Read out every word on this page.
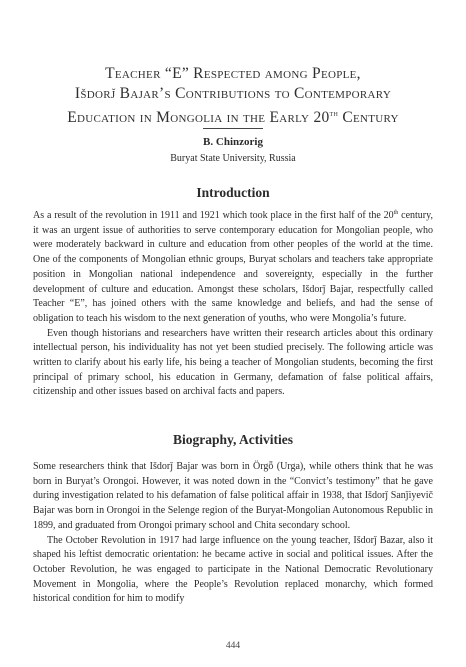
Teacher “E” Respected among People,
Išdorǰ Bajar’s Contributions to Contemporary
Education in Mongolia in the Early 20th Century
B. Chinzorig
Buryat State University, Russia
Introduction

As a result of the revolution in 1911 and 1921 which took place in the first half of the 20th century, it was an urgent issue of authorities to serve contemporary education for Mongolian people, who were moderately backward in culture and education from other peoples of the world at the time. One of the components of Mongolian ethnic groups, Buryat scholars and teachers take appropriate position in Mongolian national independence and sovereignty, especially in the further development of culture and education. Amongst these scholars, Išdorǰ Bajar, respectfully called Teacher “E”, has joined others with the same knowledge and beliefs, and had the sense of obligation to teach his wisdom to the next generation of youths, who were Mongolia’s future.

Even though historians and researchers have written their research articles about this ordinary intellectual person, his individuality has not yet been studied precisely. The following article was written to clarify about his early life, his being a teacher of Mongolian students, becoming the first principal of primary school, his education in Germany, defamation of false political affairs, citizenship and other issues based on archival facts and papers.

Biography, Activities

Some researchers think that Išdorǰ Bajar was born in Örgȫ (Urga), while others think that he was born in Buryat’s Orongoi. However, it was noted down in the “Convict’s testimony” that he gave during investigation related to his defamation of false political affair in 1938, that Išdorǰ Sanǰiyevič Bajar was born in Orongoi in the Selenge region of the Buryat-Mongolian Autonomous Republic in 1899, and graduated from Orongoi primary school and Chita secondary school.

The October Revolution in 1917 had large influence on the young teacher, Išdorǰ Bazar, also it shaped his leftist democratic orientation: he became active in social and political issues. After the October Revolution, he was engaged to participate in the National Democratic Revolutionary Movement in Mongolia, where the People’s Revolution replaced monarchy, which formed historical condition for him to modify

444
